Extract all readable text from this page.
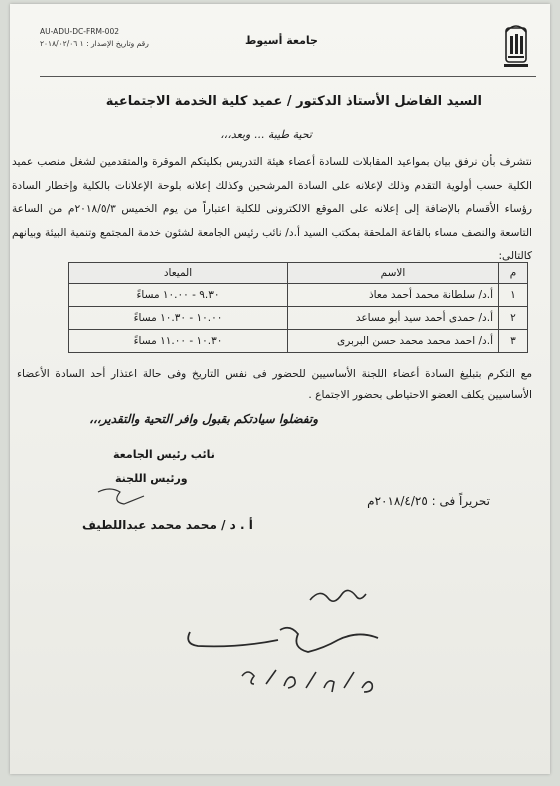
AU-ADU-DC-FRM-002
رقم وتاريخ الإصدار : ١ ٢٠١٨/٠٢/٠٦	جامعة أسيوط
السيد الفاضل الأستاذ الدكتور / عميد كلية الخدمة الاجتماعية
تحية طيبة ... وبعد،،،
نتشرف بأن نرفق بيان بمواعيد المقابلات للسادة أعضاء هيئة التدريس بكليتكم الموقرة والمتقدمين لشغل منصب عميد الكلية حسب أولوية التقدم وذلك لإعلانه على السادة المرشحين وكذلك إعلانه بلوحة الإعلانات بالكلية وإخطار السادة رؤساء الأقسام بالإضافة إلى إعلانه على الموقع الالكترونى للكلية اعتباراً من يوم الخميس ٢٠١٨/٥/٣م من الساعة التاسعة والنصف مساء بالقاعة الملحقة بمكتب السيد أ.د/ نائب رئيس الجامعة لشئون خدمة المجتمع وتنمية البيئة وبيانهم كالتالى:
م	الاسم	الميعاد
١	أ.د/ سلطانة محمد أحمد معاذ	٩.٣٠ - ١٠.٠٠ مساءً
٢	أ.د/ حمدى أحمد سيد أبو مساعد	١٠.٠٠ - ١٠.٣٠ مساءً
٣	أ.د/ احمد محمد محمد حسن البربرى	١٠.٣٠ - ١١.٠٠ مساءً
مع التكرم بتبليغ السادة أعضاء اللجنة الأساسيين للحضور فى نفس التاريخ وفى حالة اعتذار أحد السادة الأعضاء الأساسيين يكلف العضو الاحتياطى بحضور الاجتماع .
وتفضلوا سيادتكم بقبول وافر التحية والتقدير،،،
نائب رئيس الجامعة
ورئيس اللجنة
تحريراً فى : ٢٠١٨/٤/٢٥م
أ . د / محمد محمد عبداللطيف
